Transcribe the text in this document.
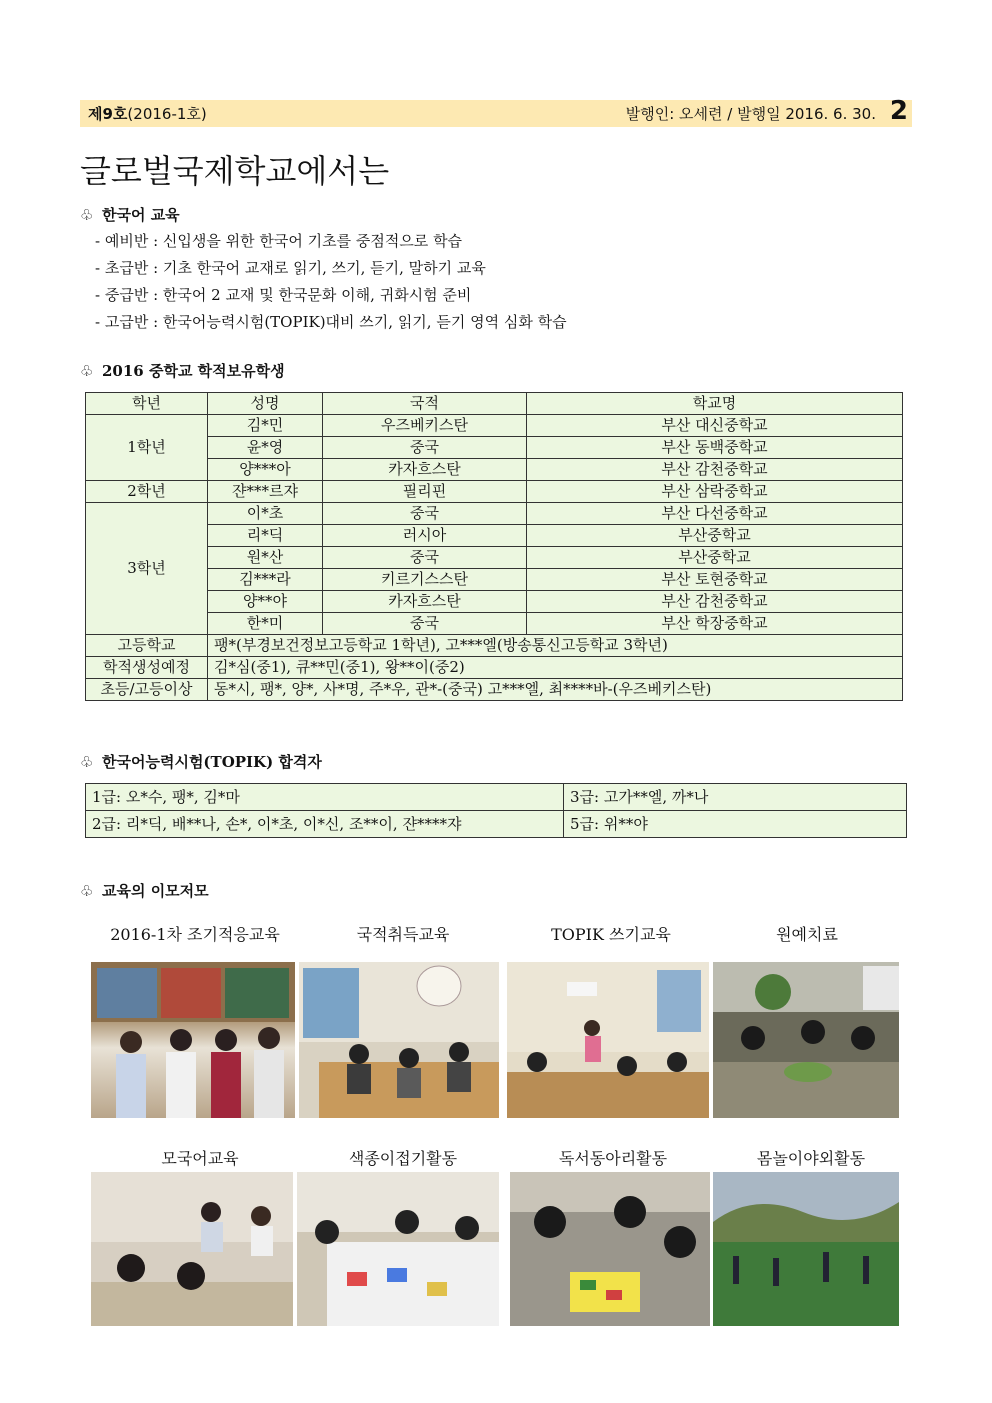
제9호(2016-1호)	발행인: 오세련 / 발행일 2016. 6. 30. 2
글로벌국제학교에서는
♧ 한국어 교육
- 예비반 : 신입생을 위한 한국어 기초를 중점적으로 학습
- 초급반 : 기초 한국어 교재로 읽기, 쓰기, 듣기, 말하기 교육
- 중급반 : 한국어 2 교재 및 한국문화 이해, 귀화시험 준비
- 고급반 : 한국어능력시험(TOPIK)대비 쓰기, 읽기, 듣기 영역 심화 학습
♧ 2016 중학교 학적보유학생
학년	성명	국적	학교명
1학년	김*민	우즈베키스탄	부산 대신중학교
	윤*영	중국	부산 동백중학교
	양***아	카자흐스탄	부산 감천중학교
2학년	쟌***르쟈	필리핀	부산 삼락중학교
3학년	이*초	중국	부산 다선중학교
	리*딕	러시아	부산중학교
	원*산	중국	부산중학교
	김***라	키르기스스탄	부산 토현중학교
	양**야	카자흐스탄	부산 감천중학교
	한*미	중국	부산 학장중학교
고등학교	팽*(부경보건정보고등학교 1학년), 고***엘(방송통신고등학교 3학년)		
학적생성예정	김*심(중1), 큐**민(중1), 왕**이(중2)		
초등/고등이상	동*시, 팽*, 양*, 사*명, 주*우, 관*-(중국) 고***엘, 최****바-(우즈베키스탄)		
♧ 한국어능력시험(TOPIK) 합격자
1급: 오*수, 팽*, 김*마	3급: 고가**엘, 까*나
2급: 리*딕, 배**나, 손*, 이*초, 이*신, 조**이, 쟌****쟈	5급: 위**야
♧ 교육의 이모저모
2016-1차 조기적응교육	국적취득교육	TOPIK 쓰기교육	원예치료
모국어교육	색종이접기활동	독서동아리활동	몸놀이야외활동
